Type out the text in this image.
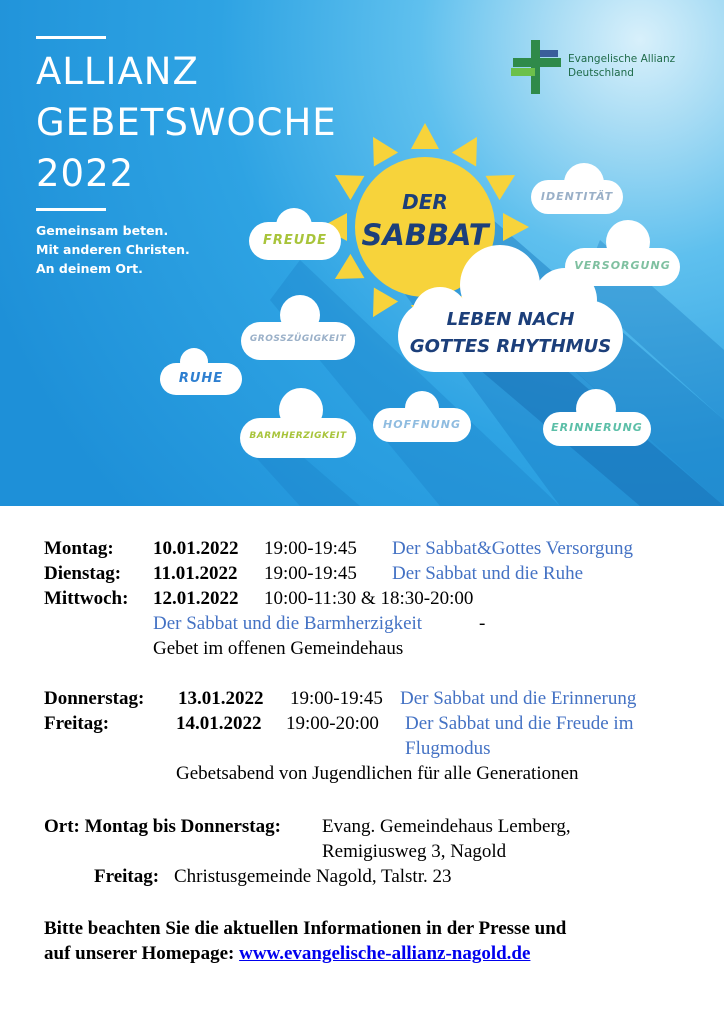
ALLIANZ
GEBETSWOCHE
2022
Gemeinsam beten.
Mit anderen Christen.
An deinem Ort.
Evangelische Allianz
Deutschland
DER
SABBAT
LEBEN NACH
GOTTES RHYTHMUS
FREUDE
IDENTITÄT
VERSORGUNG
GROSSZÜGIGKEIT
RUHE
BARMHERZIGKEIT
HOFFNUNG	ERINNERUNG
Montag: 10.01.2022 19:00-19:45 Der Sabbat&Gottes Versorgung
Dienstag: 11.01.2022 19:00-19:45 Der Sabbat und die Ruhe
Mittwoch: 12.01.2022 10:00-11:30 & 18:30-20:00
Der Sabbat und die Barmherzigkeit	-
Gebet im offenen Gemeindehaus
Donnerstag: 13.01.2022 19:00-19:45 Der Sabbat und die Erinnerung
Freitag:	14.01.2022 19:00-20:00 Der Sabbat und die Freude im
Flugmodus
Gebetsabend von Jugendlichen für alle Generationen
Ort: Montag bis Donnerstag: Evang. Gemeindehaus Lemberg,
Remigiusweg 3, Nagold
Freitag: Christusgemeinde Nagold, Talstr. 23
Bitte beachten Sie die aktuellen Informationen in der Presse und
auf unserer Homepage: www.evangelische-allianz-nagold.de
